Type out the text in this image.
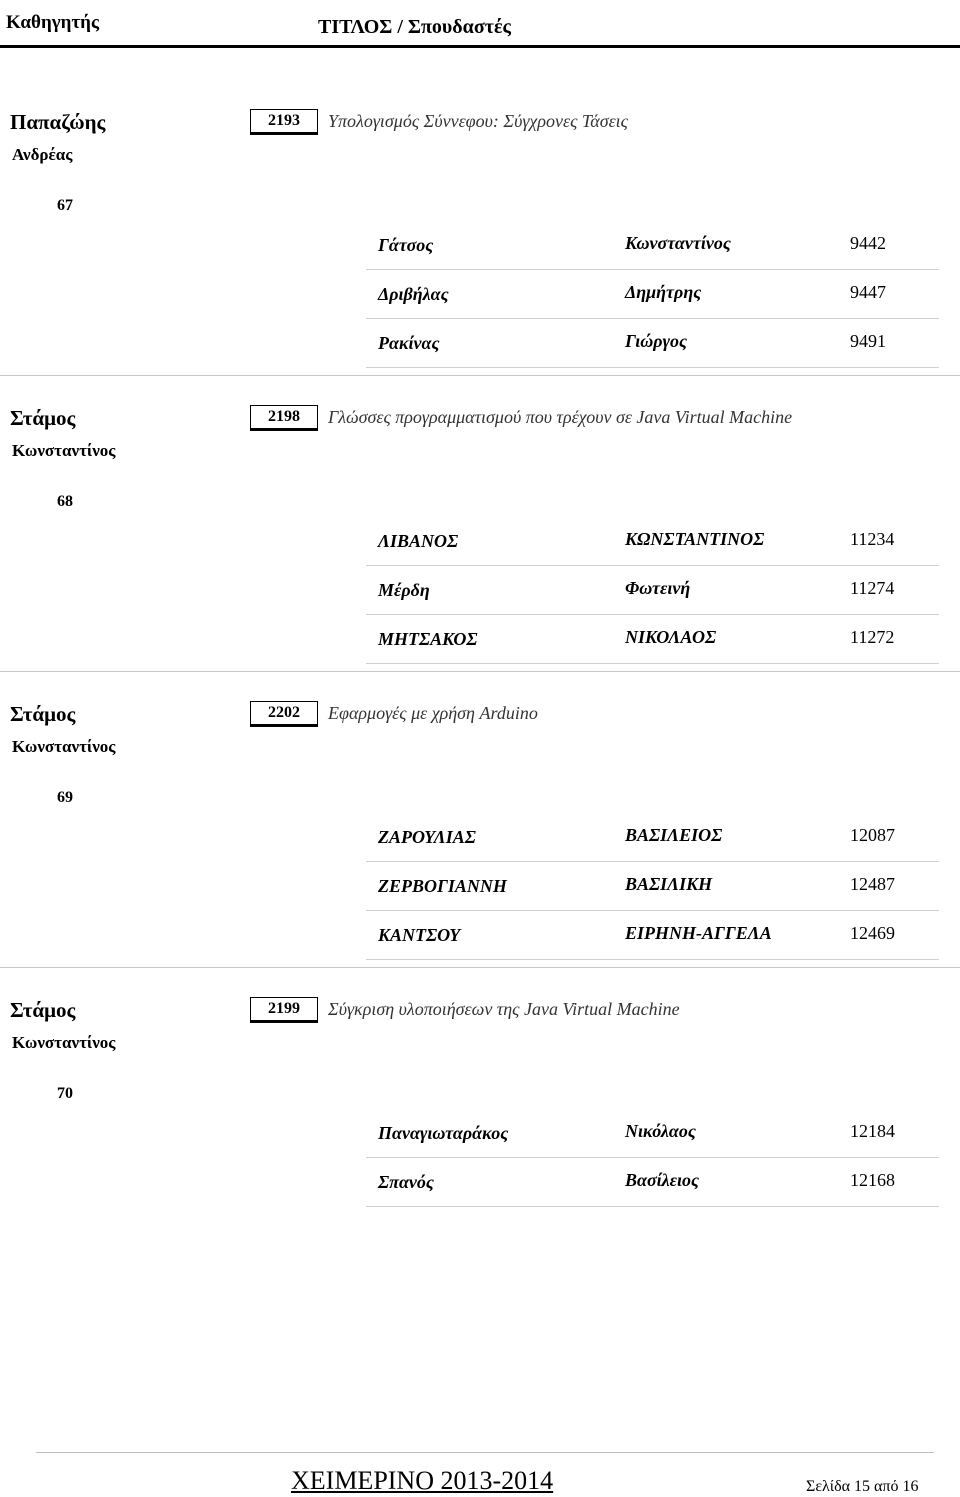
Καθηγητής	ΤΙΤΛΟΣ / Σπουδαστές
Παπαζώης
Ανδρέας
2193	Υπολογισμός Σύννεφου: Σύγχρονες Τάσεις
67
Γάτσος	Κωνσταντίνος	9442
Δριβήλας	Δημήτρης	9447
Ρακίνας	Γιώργος	9491
Στάμος
Κωνσταντίνος
2198	Γλώσσες προγραμματισμού που τρέχουν σε Java Virtual Machine
68
ΛΙΒΑΝΟΣ	ΚΩΝΣΤΑΝΤΙΝΟΣ	11234
Μέρδη	Φωτεινή	11274
ΜΗΤΣΑΚΟΣ	ΝΙΚΟΛΑΟΣ	11272
Στάμος
Κωνσταντίνος
2202	Εφαρμογές με χρήση Arduino
69
ΖΑΡΟΥΛΙΑΣ	ΒΑΣΙΛΕΙΟΣ	12087
ΖΕΡΒΟΓΙΑΝΝΗ	ΒΑΣΙΛΙΚΗ	12487
ΚΑΝΤΣΟΥ	ΕΙΡΗΝΗ-ΑΓΓΕΛΑ	12469
Στάμος
Κωνσταντίνος
2199	Σύγκριση υλοποιήσεων της Java Virtual Machine
70
Παναγιωταράκος	Νικόλαος	12184
Σπανός	Βασίλειος	12168
ΧΕΙΜΕΡΙΝΟ 2013-2014	Σελίδα 15 από 16
